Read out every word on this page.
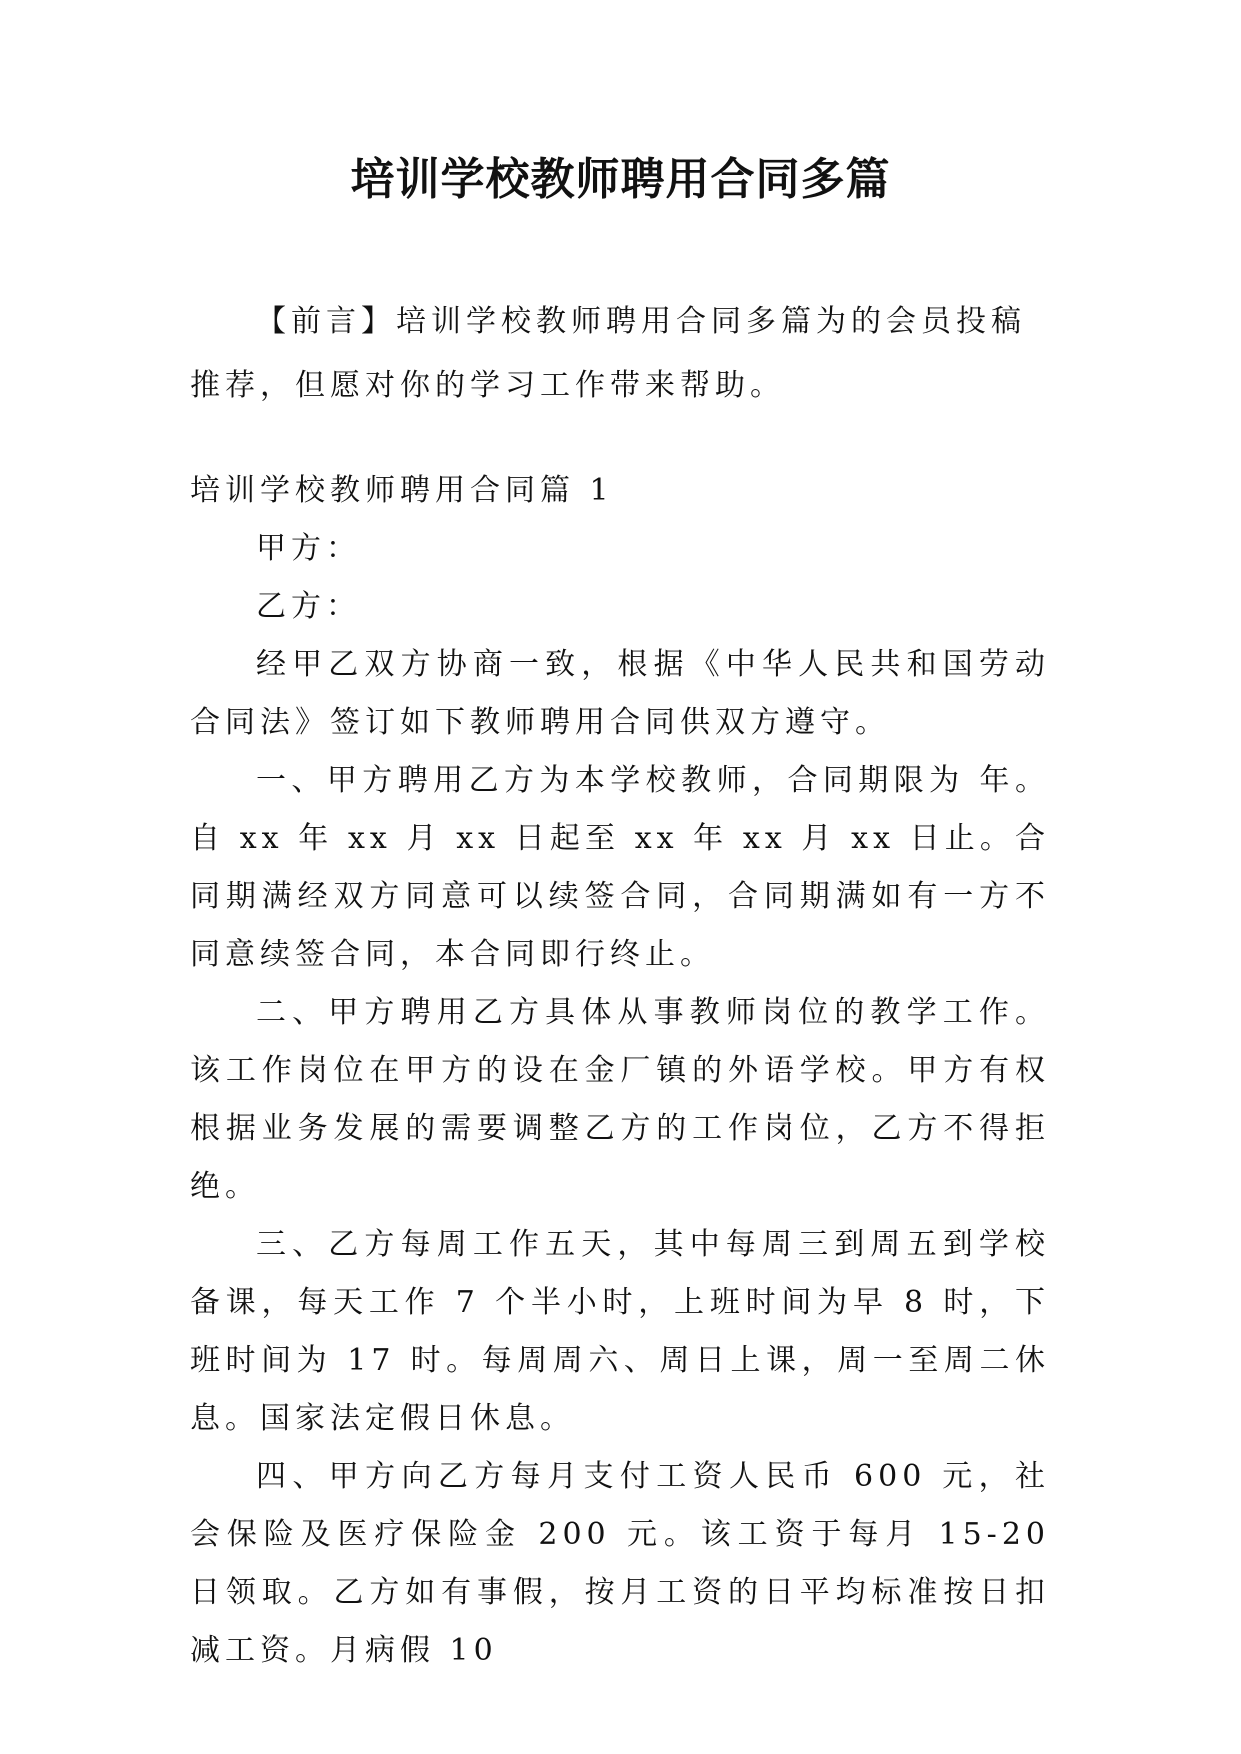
培训学校教师聘用合同多篇
【前言】培训学校教师聘用合同多篇为的会员投稿推荐，但愿对你的学习工作带来帮助。

培训学校教师聘用合同篇 1

甲方：

乙方：

经甲乙双方协商一致，根据《中华人民共和国劳动合同法》签订如下教师聘用合同供双方遵守。

一、甲方聘用乙方为本学校教师，合同期限为 年。自 xx 年 xx 月 xx 日起至 xx 年 xx 月 xx 日止。合同期满经双方同意可以续签合同，合同期满如有一方不同意续签合同，本合同即行终止。

二、甲方聘用乙方具体从事教师岗位的教学工作。该工作岗位在甲方的设在金厂镇的外语学校。甲方有权根据业务发展的需要调整乙方的工作岗位，乙方不得拒绝。

三、乙方每周工作五天，其中每周三到周五到学校备课，每天工作 7 个半小时，上班时间为早 8 时，下班时间为 17 时。每周周六、周日上课，周一至周二休息。国家法定假日休息。

四、甲方向乙方每月支付工资人民币 600 元，社会保险及医疗保险金 200 元。该工资于每月 15-20 日领取。乙方如有事假，按月工资的日平均标准按日扣减工资。月病假 10
